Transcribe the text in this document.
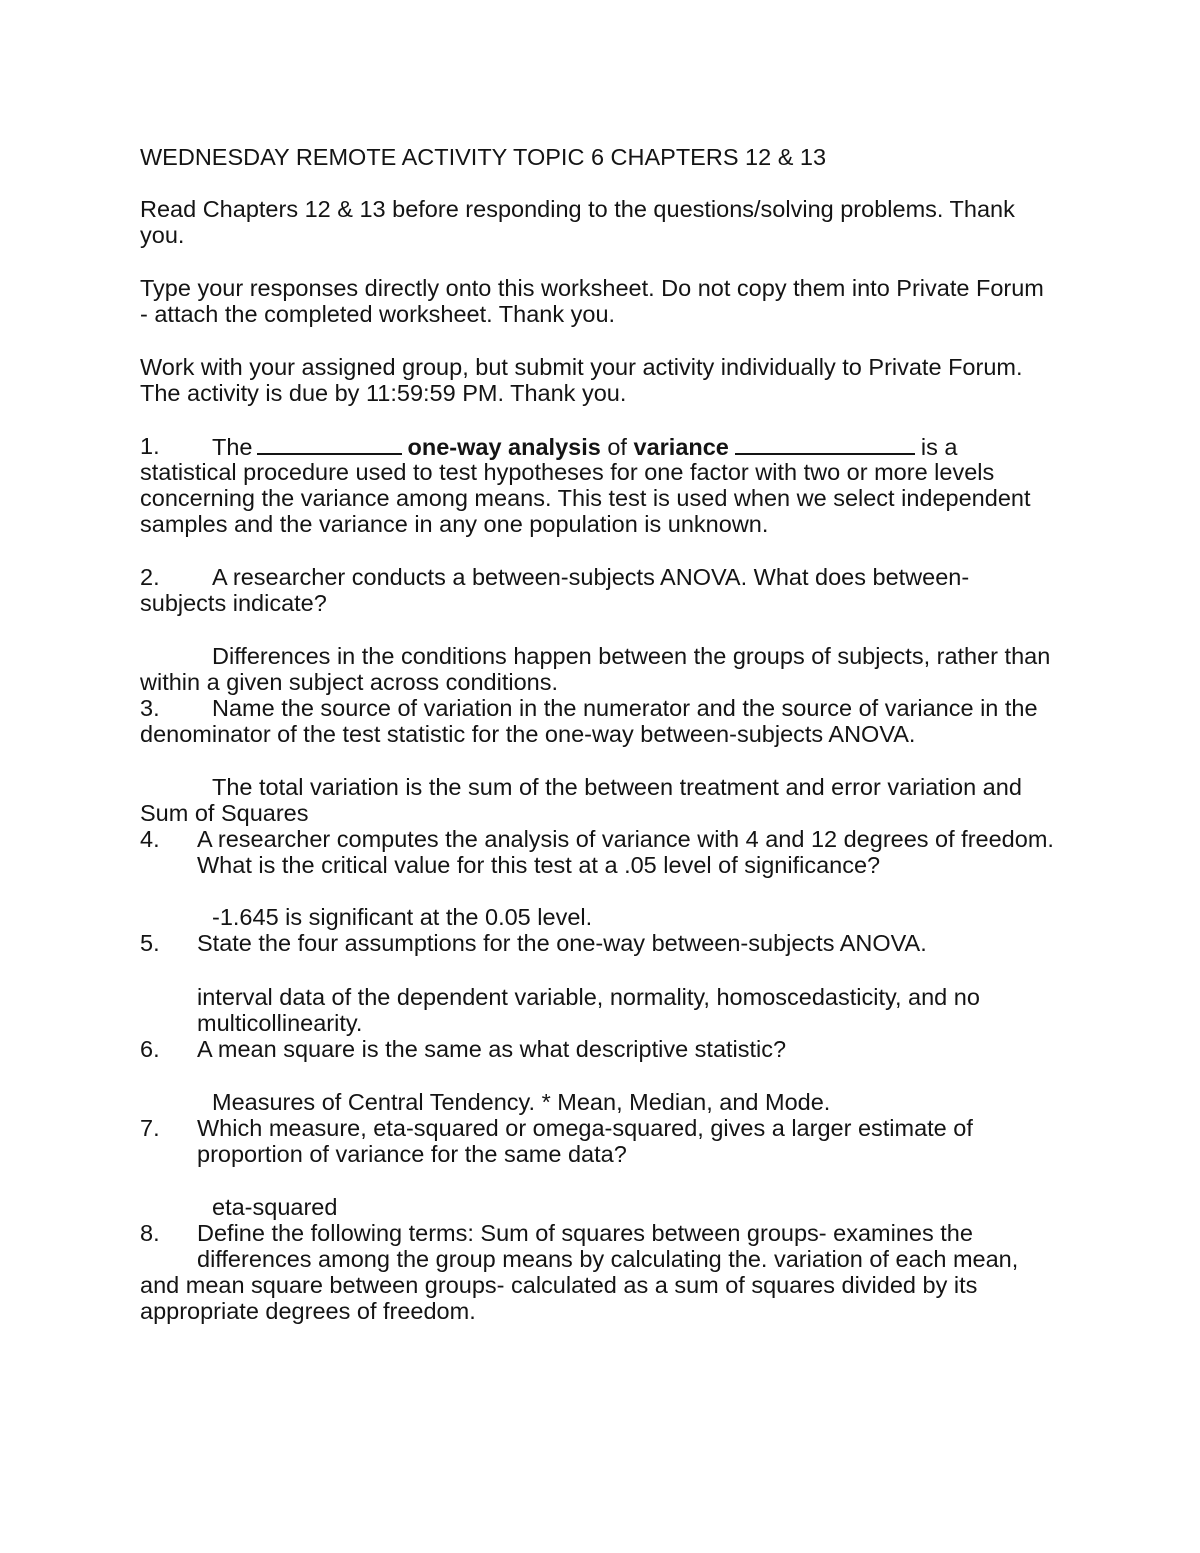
WEDNESDAY REMOTE ACTIVITY TOPIC 6 CHAPTERS 12 & 13
Read Chapters 12 & 13 before responding to the questions/solving problems. Thank
you.
Type your responses directly onto this worksheet. Do not copy them into Private Forum
- attach the completed worksheet. Thank you.
Work with your assigned group, but submit your activity individually to Private Forum.
The activity is due by 11:59:59 PM. Thank you.
1. The	one-way analysis of variance	is a
statistical procedure used to test hypotheses for one factor with two or more levels
concerning the variance among means. This test is used when we select independent
samples and the variance in any one population is unknown.
2. A researcher conducts a between-subjects ANOVA. What does between-
subjects indicate?
Differences in the conditions happen between the groups of subjects, rather than
within a given subject across conditions.
3. Name the source of variation in the numerator and the source of variance in the
denominator of the test statistic for the one-way between-subjects ANOVA.
The total variation is the sum of the between treatment and error variation and
Sum of Squares
4. A researcher computes the analysis of variance with 4 and 12 degrees of freedom.
What is the critical value for this test at a .05 level of significance?
-1.645 is significant at the 0.05 level.
5. State the four assumptions for the one-way between-subjects ANOVA.
interval data of the dependent variable, normality, homoscedasticity, and no
multicollinearity.
6. A mean square is the same as what descriptive statistic?
Measures of Central Tendency. * Mean, Median, and Mode.
7. Which measure, eta-squared or omega-squared, gives a larger estimate of
proportion of variance for the same data?
eta-squared
8. Define the following terms: Sum of squares between groups- examines the
differences among the group means by calculating the. variation of each mean,
and mean square between groups- calculated as a sum of squares divided by its
appropriate degrees of freedom.
